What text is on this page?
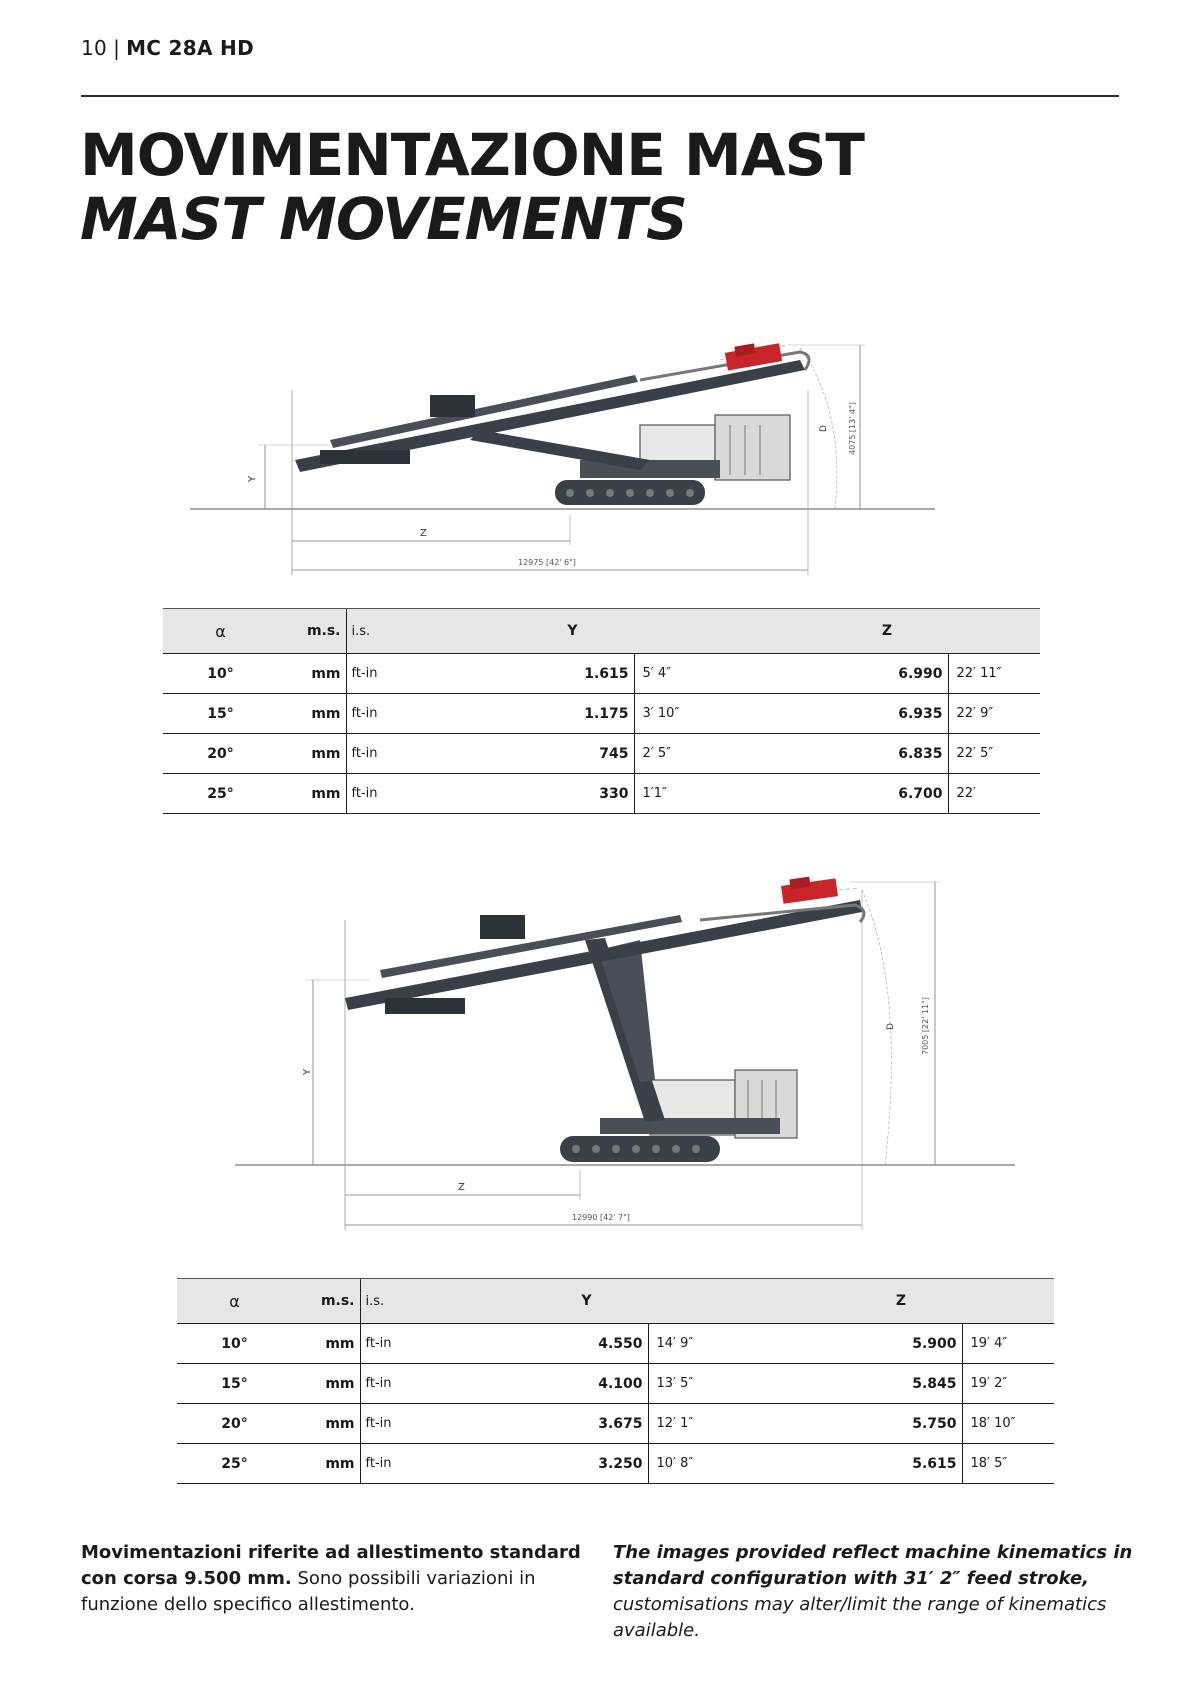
10 | MC 28A HD
MOVIMENTAZIONE MAST
MAST MOVEMENTS
Y
Z
12975 [42' 6"]
4075 [13' 4"]
D
α	m.s.	i.s.	Y		Z	
10°	mm	ft-in	1.615	5′ 4″	6.990	22′ 11″
15°	mm	ft-in	1.175	3′ 10″	6.935	22′ 9″
20°	mm	ft-in	745	2′ 5″	6.835	22′ 5″
25°	mm	ft-in	330	1′1″	6.700	22′
Y
Z
12990 [42' 7"]
7005 [22' 11"]
D
α	m.s.	i.s.	Y		Z	
10°	mm	ft-in	4.550	14′ 9″	5.900	19′ 4″
15°	mm	ft-in	4.100	13′ 5″	5.845	19′ 2″
20°	mm	ft-in	3.675	12′ 1″	5.750	18′ 10″
25°	mm	ft-in	3.250	10′ 8″	5.615	18′ 5″
Movimentazioni riferite ad allestimento standard con corsa 9.500 mm. Sono possibili variazioni in funzione dello specifico allestimento.
The images provided reflect machine kinematics in standard configuration with 31′ 2″ feed stroke, customisations may alter/limit the range of kinematics available.
